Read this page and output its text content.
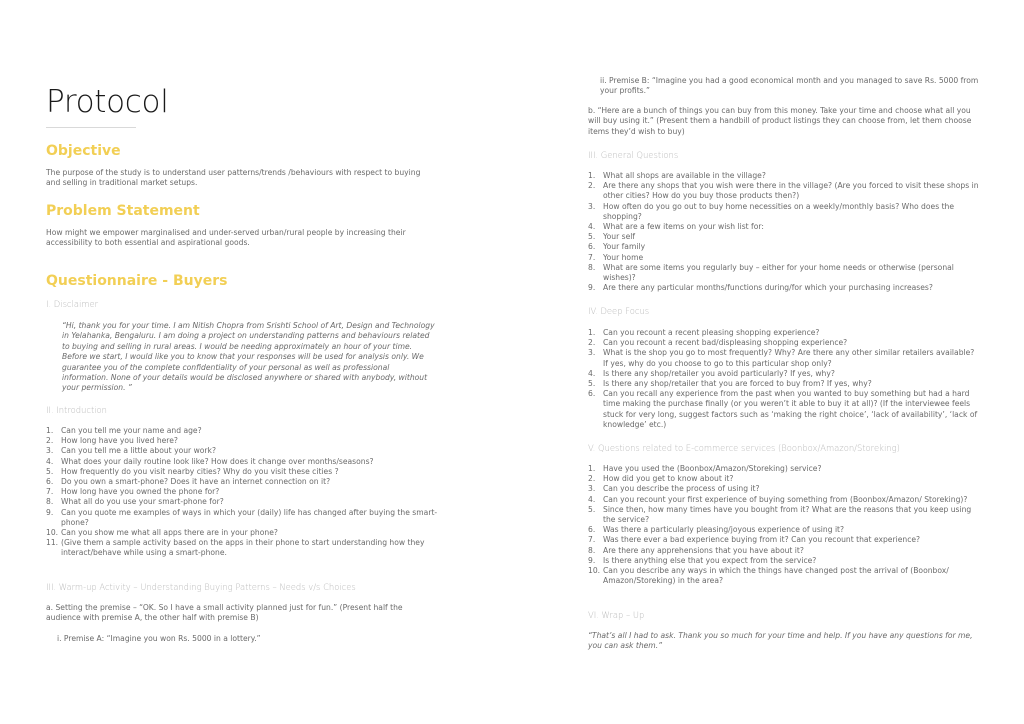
Protocol
Objective

The purpose of the study is to understand user patterns/trends /behaviours with respect to buying and selling in traditional market setups.

Problem Statement

How might we empower marginalised and under-served urban/rural people by increasing their accessibility to both essential and aspirational goods.

Questionnaire - Buyers

I. Disclaimer

“Hi, thank you for your time. I am Nitish Chopra from Srishti School of Art, Design and Technology in Yelahanka, Bengaluru. I am doing a project on understanding patterns and behaviours related to buying and selling in rural areas. I would be needing approximately an hour of your time. Before we start, I would like you to know that your responses will be used for analysis only. We guarantee you of the complete confidentiality of your personal as well as professional information. None of your details would be disclosed anywhere or shared with anybody, without your permission. ”

II. Introduction

1.	Can you tell me your name and age?
2.	How long have you lived here?
3.	Can you tell me a little about your work?
4.	What does your daily routine look like? How does it change over months/seasons?
5.	How frequently do you visit nearby cities? Why do you visit these cities ?
6.	Do you own a smart-phone? Does it have an internet connection on it?
7.	How long have you owned the phone for?
8.	What all do you use your smart-phone for?
9.	Can you quote me examples of ways in which your (daily) life has changed after buying the smart-phone?
10. Can you show me what all apps there are in your phone?
11. (Give them a sample activity based on the apps in their phone to start understanding how they interact/behave while using a smart-phone.

III. Warm-up Activity – Understanding Buying Patterns – Needs v/s Choices

a. Setting the premise – “OK. So I have a small activity planned just for fun.” (Present half the audience with premise A, the other half with premise B)

i. Premise A: “Imagine you won Rs. 5000 in a lottery.”

ii. Premise B: “Imagine you had a good economical month and you managed to save Rs. 5000 from your profits.”

b. “Here are a bunch of things you can buy from this money. Take your time and choose what all you will buy using it.” (Present them a handbill of product listings they can choose from, let them choose items they’d wish to buy)

III. General Questions

1.	What all shops are available in the village?
2.	Are there any shops that you wish were there in the village? (Are you forced to visit these shops in other cities? How do you buy those products then?)
3.	How often do you go out to buy home necessities on a weekly/monthly basis? Who does the shopping?
4.	What are a few items on your wish list for:
5.	Your self
6.	Your family
7.	Your home
8.	What are some items you regularly buy – either for your home needs or otherwise (personal wishes)?
9.	Are there any particular months/functions during/for which your purchasing increases?

IV. Deep Focus

1.	Can you recount a recent pleasing shopping experience?
2.	Can you recount a recent bad/displeasing shopping experience?
3.	What is the shop you go to most frequently? Why? Are there any other similar retailers available? If yes, why do you choose to go to this particular shop only?
4.	Is there any shop/retailer you avoid particularly? If yes, why?
5.	Is there any shop/retailer that you are forced to buy from? If yes, why?
6.	Can you recall any experience from the past when you wanted to buy something but had a hard time making the purchase finally (or you weren’t it able to buy it at all)? (If the interviewee feels stuck for very long, suggest factors such as ‘making the right choice’, ‘lack of availability’, ‘lack of knowledge’ etc.)

V. Questions related to E-commerce services (Boonbox/Amazon/Storeking)

1.	Have you used the (Boonbox/Amazon/Storeking) service?
2.	How did you get to know about it?
3.	Can you describe the process of using it?
4.	Can you recount your first experience of buying something from (Boonbox/Amazon/ Storeking)?
5.	Since then, how many times have you bought from it? What are the reasons that you keep using the service?
6.	Was there a particularly pleasing/joyous experience of using it?
7.	Was there ever a bad experience buying from it? Can you recount that experience?
8.	Are there any apprehensions that you have about it?
9.	Is there anything else that you expect from the service?
10. Can you describe any ways in which the things have changed post the arrival of (Boonbox/ Amazon/Storeking) in the area?

VI. Wrap – Up

“That’s all I had to ask. Thank you so much for your time and help. If you have any questions for me, you can ask them.”
